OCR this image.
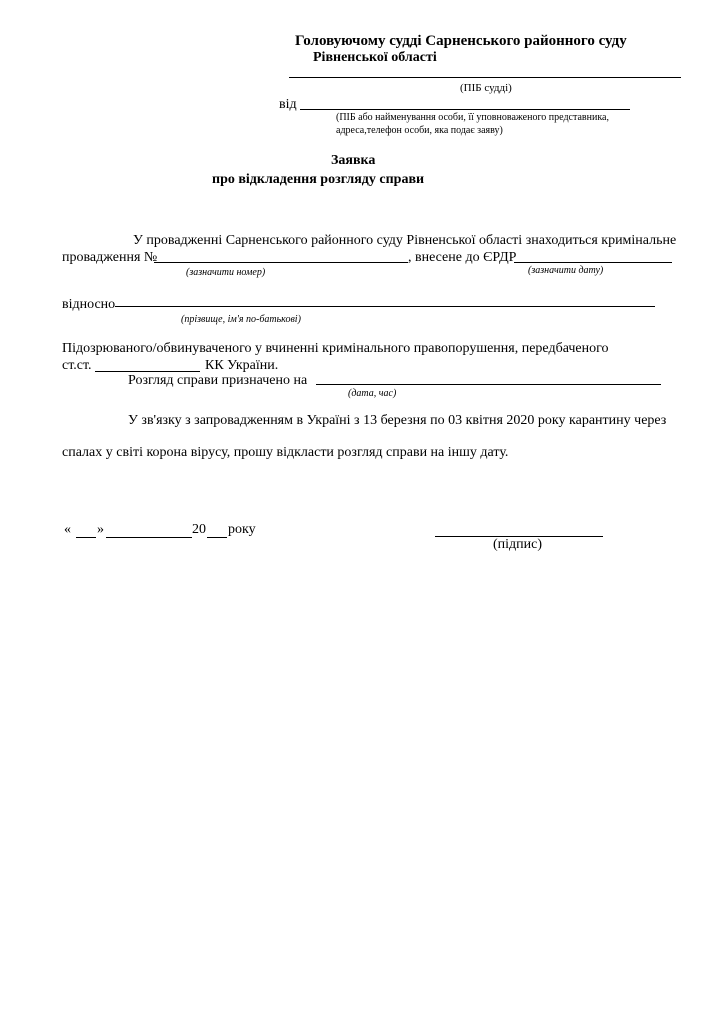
Головуючому судді Сарненського районного суду
Рівненської області
(ПІБ судді)
від
(ПІБ або найменування особи, її уповноваженого представника,
адреса,телефон особи, яка подає заяву)
Заявка
про відкладення розгляду справи
У провадженні Сарненського районного суду Рівненської області знаходиться кримінальне
провадження №	, внесене до ЄРДР
(зазначити номер)	(зазначити дату)
відносно
(прізвище, ім'я по-батькові)
Підозрюваного/обвинуваченого у вчиненні кримінального правопорушення, передбаченого
ст.ст.	КК України.
Розгляд справи призначено на
(дата, час)
У зв'язку з запровадженням в Україні з 13 березня по 03 квітня 2020 року карантину через
спалах у світі корона вірусу, прошу відкласти розгляд справи на іншу дату.
« »	20 року
(підпис)
